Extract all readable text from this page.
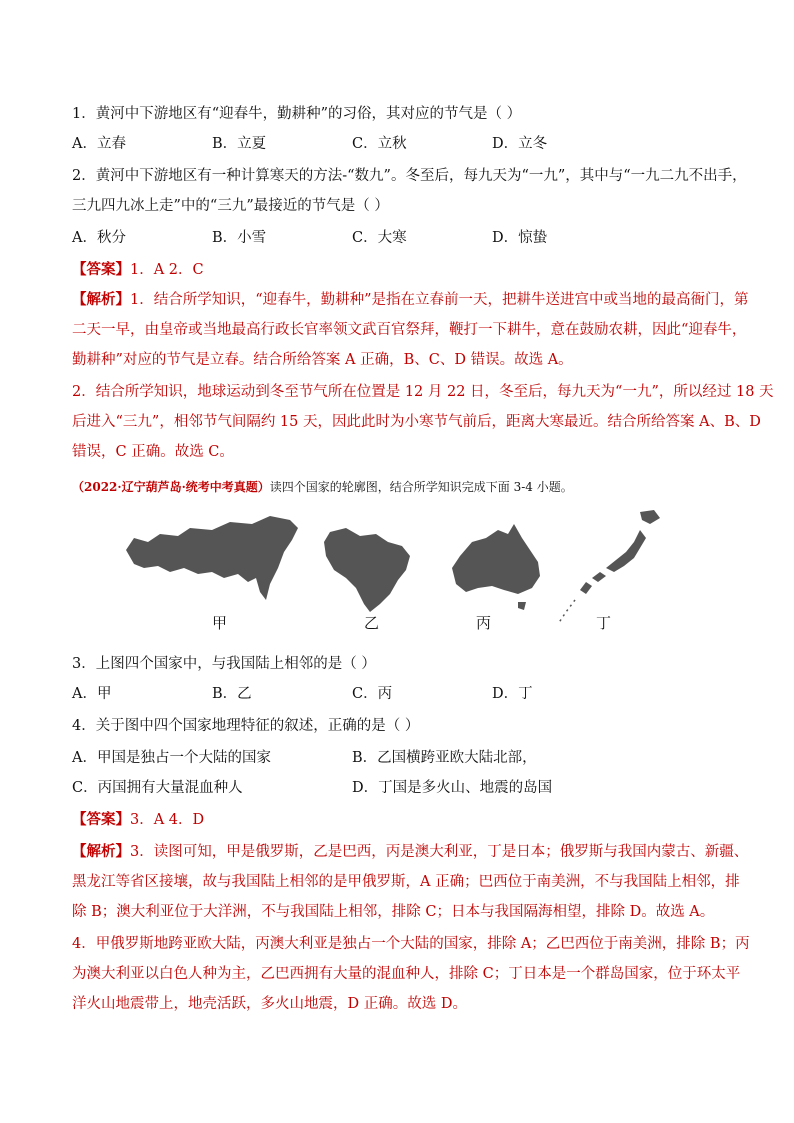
1．黄河中下游地区有“迎春牛，勤耕种”的习俗，其对应的节气是（ ）
A．立春	B．立夏	C．立秋	D．立冬
2．黄河中下游地区有一种计算寒天的方法-“数九”。冬至后，每九天为“一九”，其中与“一九二九不出手，
三九四九冰上走”中的“三九”最接近的节气是（ ）
A．秋分	B．小雪	C．大寒	D．惊蛰
【答案】1．A 2．C
【解析】1．结合所学知识，“迎春牛，勤耕种”是指在立春前一天，把耕牛送进宫中或当地的最高衙门，第
二天一早，由皇帝或当地最高行政长官率领文武百官祭拜，鞭打一下耕牛，意在鼓励农耕，因此“迎春牛，
勤耕种”对应的节气是立春。结合所给答案 A 正确，B、C、D 错误。故选 A。
2．结合所学知识，地球运动到冬至节气所在位置是 12 月 22 日，冬至后，每九天为“一九”，所以经过 18 天
后进入“三九”，相邻节气间隔约 15 天，因此此时为小寒节气前后，距离大寒最近。结合所给答案 A、B、D
错误，C 正确。故选 C。
（2022·辽宁葫芦岛·统考中考真题）读四个国家的轮廓图，结合所学知识完成下面 3-4 小题。
甲	乙	丙	丁
3．上图四个国家中，与我国陆上相邻的是（ ）
A．甲	B．乙	C．丙	D．丁
4．关于图中四个国家地理特征的叙述，正确的是（ ）
A．甲国是独占一个大陆的国家	B．乙国横跨亚欧大陆北部，
C．丙国拥有大量混血种人	D．丁国是多火山、地震的岛国
【答案】3．A 4．D
【解析】3．读图可知，甲是俄罗斯，乙是巴西，丙是澳大利亚，丁是日本；俄罗斯与我国内蒙古、新疆、
黑龙江等省区接壤，故与我国陆上相邻的是甲俄罗斯，A 正确；巴西位于南美洲，不与我国陆上相邻，排
除 B；澳大利亚位于大洋洲，不与我国陆上相邻，排除 C；日本与我国隔海相望，排除 D。故选 A。
4．甲俄罗斯地跨亚欧大陆，丙澳大利亚是独占一个大陆的国家，排除 A；乙巴西位于南美洲，排除 B；丙
为澳大利亚以白色人种为主，乙巴西拥有大量的混血种人，排除 C；丁日本是一个群岛国家，位于环太平
洋火山地震带上，地壳活跃，多火山地震，D 正确。故选 D。
